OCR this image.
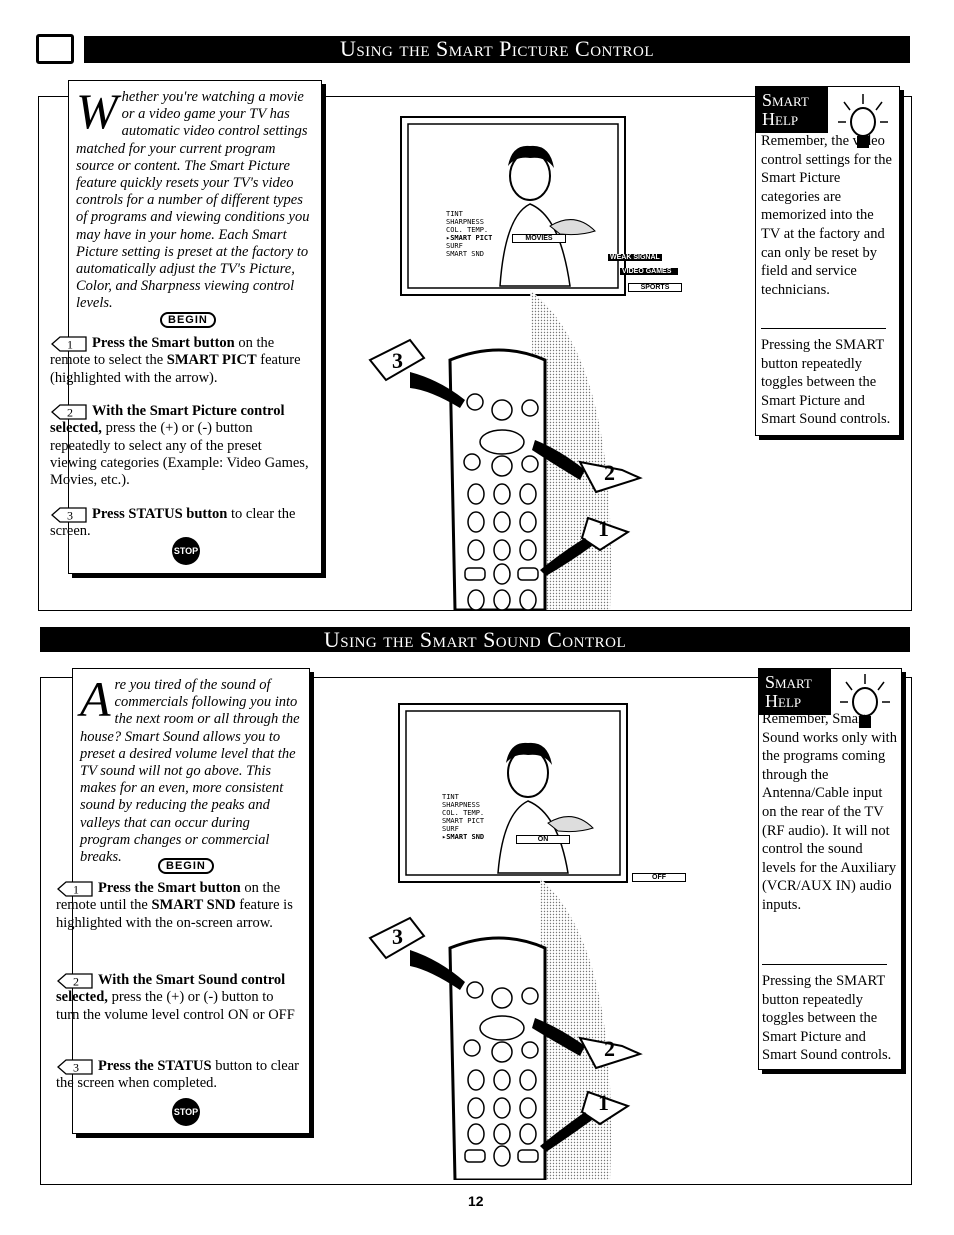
Using the Smart Picture Control
Whether you're watching a movie or a video game your TV has automatic video control settings matched for your current program source or content. The Smart Picture feature quickly resets your TV's video controls for a number of different types of programs and viewing conditions you may have in your home. Each Smart Picture setting is preset at the factory to automatically adjust the TV's Picture, Color, and Sharpness viewing control levels.
BEGIN
1 Press the Smart button on the remote to select the SMART PICT feature (highlighted with the arrow).
2 With the Smart Picture control selected, press the (+) or (-) button repeatedly to select any of the preset viewing categories (Example: Video Games, Movies, etc.).
3 Press STATUS button to clear the screen.
STOP
TINT
SHARPNESS
COL. TEMP.
▸SMART PICT
SURF
SMART SND
MOVIES
WEAK SIGNAL
VIDEO GAMES
SPORTS
3
2
1
Smart
Help
Remember, the video control settings for the Smart Picture categories are memorized into the TV at the factory and can only be reset by field and service technicians.
Pressing the SMART button repeatedly toggles between the Smart Picture and Smart Sound controls.
Using the Smart Sound Control
Are you tired of the sound of commercials following you into the next room or all through the house? Smart Sound allows you to preset a desired volume level that the TV sound will not go above. This makes for an even, more consistent sound by reducing the peaks and valleys that can occur during program changes or commercial breaks.
BEGIN
1 Press the Smart button on the remote until the SMART SND feature is highlighted with the on-screen arrow.
2 With the Smart Sound control selected, press the (+) or (-) button to turn the volume level control ON or OFF
3 Press the STATUS button to clear the screen when completed.
STOP
TINT
SHARPNESS
COL. TEMP.
SMART PICT
SURF
▸SMART SND	ON
OFF
3
2
1
Smart
Help
Remember, Smart Sound works only with the programs coming through the Antenna/Cable input on the rear of the TV (RF audio). It will not control the sound levels for the Auxiliary (VCR/AUX IN) audio inputs.
Pressing the SMART button repeatedly toggles between the Smart Picture and Smart Sound controls.
12
